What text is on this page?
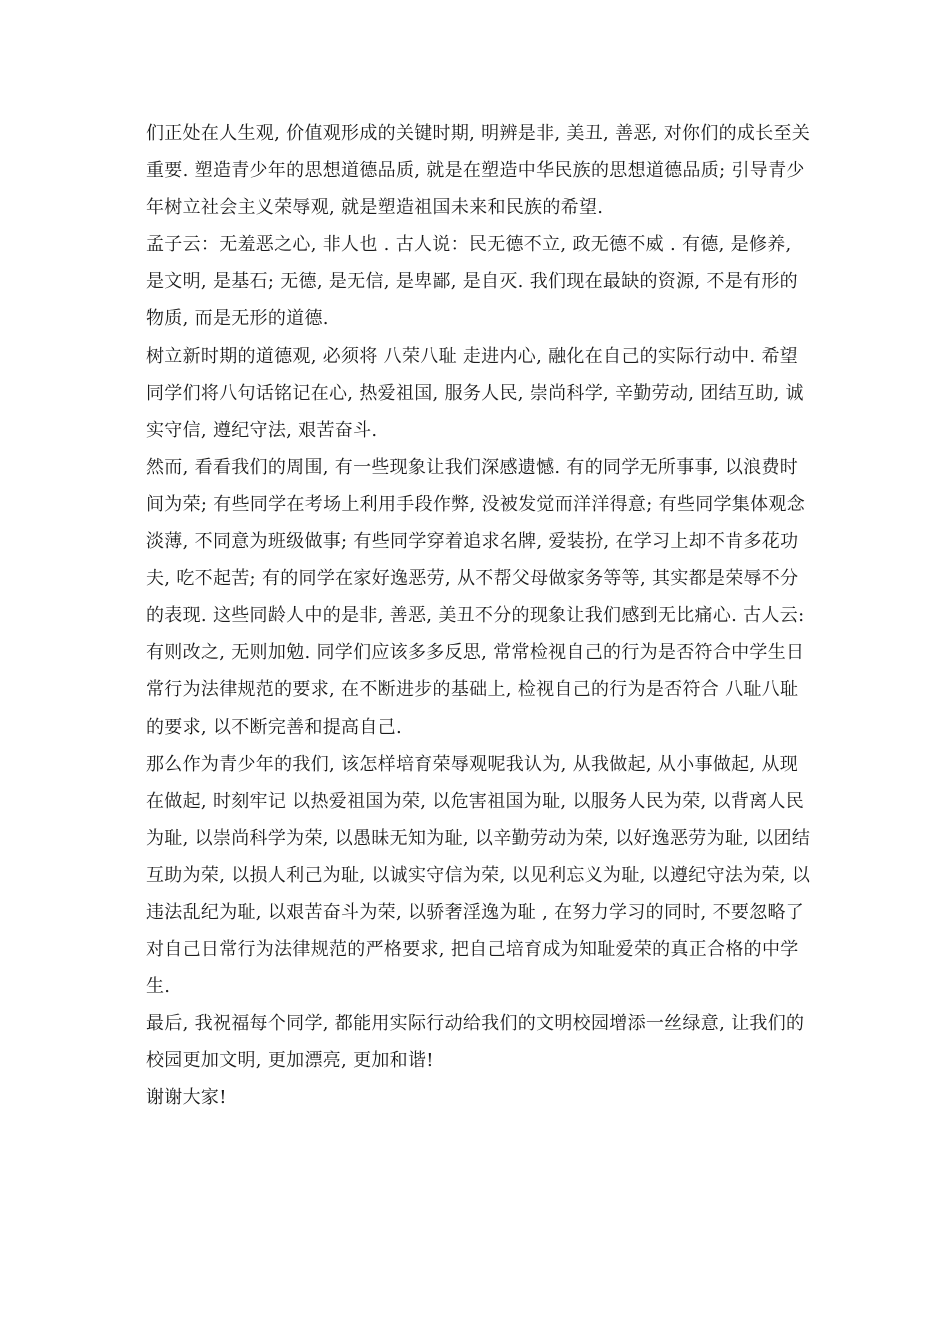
们正处在人生观, 价值观形成的关键时期, 明辨是非, 美丑, 善恶, 对你们的成长至关重要. 塑造青少年的思想道德品质, 就是在塑造中华民族的思想道德品质; 引导青少年树立社会主义荣辱观, 就是塑造祖国未来和民族的希望.

孟子云：无羞恶之心, 非人也 . 古人说：民无德不立, 政无德不威 . 有德, 是修养, 是文明, 是基石; 无德, 是无信, 是卑鄙, 是自灭. 我们现在最缺的资源, 不是有形的物质, 而是无形的道德.

树立新时期的道德观, 必须将 八荣八耻 走进内心, 融化在自己的实际行动中. 希望同学们将八句话铭记在心, 热爱祖国, 服务人民, 崇尚科学, 辛勤劳动, 团结互助, 诚实守信, 遵纪守法, 艰苦奋斗.

然而, 看看我们的周围, 有一些现象让我们深感遗憾. 有的同学无所事事, 以浪费时间为荣; 有些同学在考场上利用手段作弊, 没被发觉而洋洋得意; 有些同学集体观念淡薄, 不同意为班级做事; 有些同学穿着追求名牌, 爱装扮, 在学习上却不肯多花功夫, 吃不起苦; 有的同学在家好逸恶劳, 从不帮父母做家务等等, 其实都是荣辱不分的表现. 这些同龄人中的是非, 善恶, 美丑不分的现象让我们感到无比痛心. 古人云: 有则改之, 无则加勉. 同学们应该多多反思, 常常检视自己的行为是否符合中学生日常行为法律规范的要求, 在不断进步的基础上, 检视自己的行为是否符合 八耻八耻 的要求, 以不断完善和提高自己.

那么作为青少年的我们, 该怎样培育荣辱观呢我认为, 从我做起, 从小事做起, 从现在做起, 时刻牢记 以热爱祖国为荣, 以危害祖国为耻, 以服务人民为荣, 以背离人民为耻, 以崇尚科学为荣, 以愚昧无知为耻, 以辛勤劳动为荣, 以好逸恶劳为耻, 以团结互助为荣, 以损人利己为耻, 以诚实守信为荣, 以见利忘义为耻, 以遵纪守法为荣, 以违法乱纪为耻, 以艰苦奋斗为荣, 以骄奢淫逸为耻 , 在努力学习的同时, 不要忽略了对自己日常行为法律规范的严格要求, 把自己培育成为知耻爱荣的真正合格的中学生.

最后, 我祝福每个同学, 都能用实际行动给我们的文明校园增添一丝绿意, 让我们的校园更加文明, 更加漂亮, 更加和谐!

谢谢大家!
